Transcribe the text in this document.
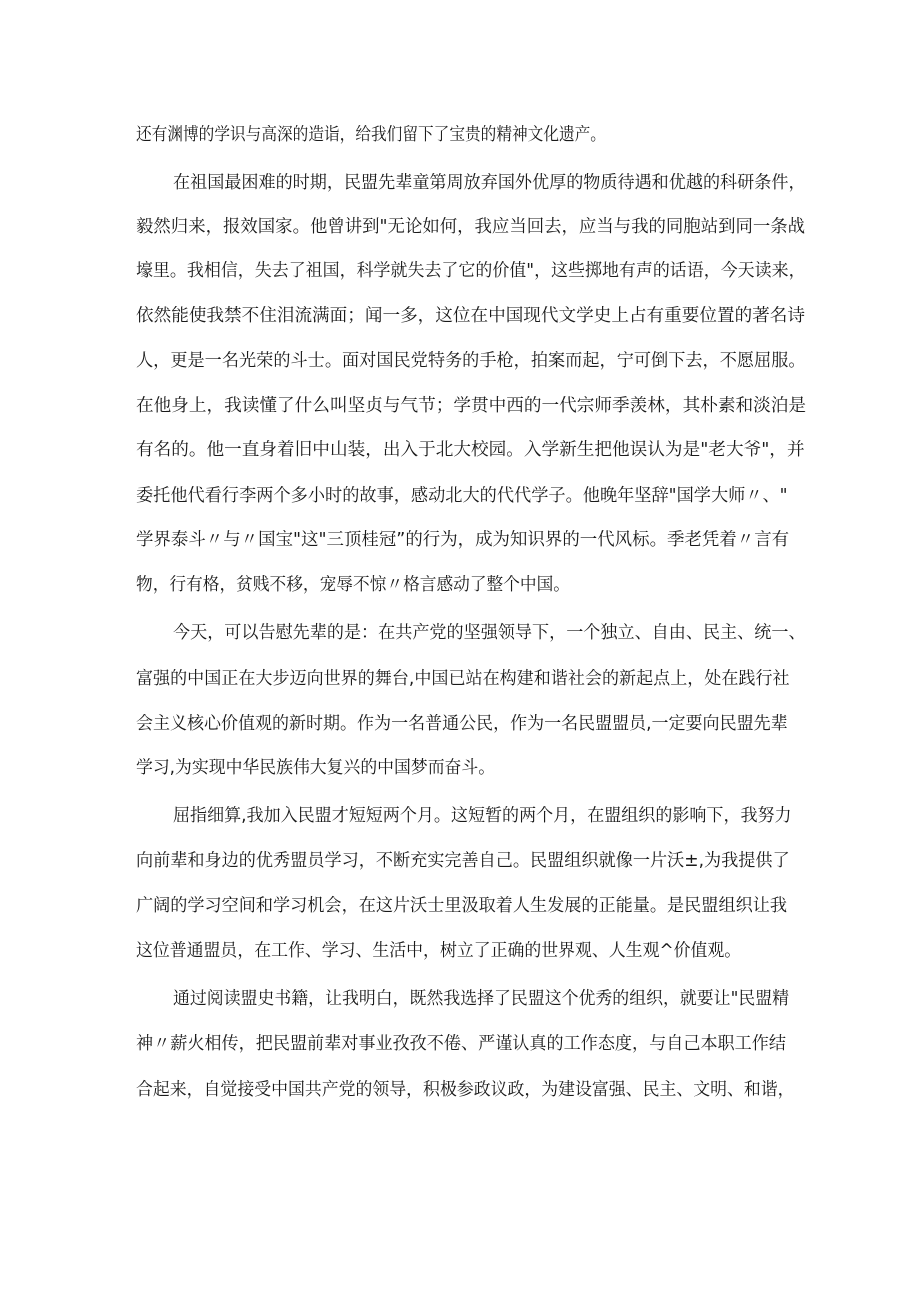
还有渊博的学识与高深的造诣，给我们留下了宝贵的精神文化遗产。
在祖国最困难的时期，民盟先辈童第周放弃国外优厚的物质待遇和优越的科研条件，
毅然归来，报效国家。他曾讲到"无论如何，我应当回去，应当与我的同胞站到同一条战
壕里。我相信，失去了祖国，科学就失去了它的价值"，这些掷地有声的话语，今天读来，
依然能使我禁不住泪流满面；闻一多，这位在中国现代文学史上占有重要位置的著名诗
人，更是一名光荣的斗士。面对国民党特务的手枪，拍案而起，宁可倒下去，不愿屈服。
在他身上，我读懂了什么叫坚贞与气节；学贯中西的一代宗师季羡林，其朴素和淡泊是
有名的。他一直身着旧中山装，出入于北大校园。入学新生把他误认为是"老大爷"，并
委托他代看行李两个多小时的故事，感动北大的代代学子。他晚年坚辞"国学大师〃、"
学界泰斗〃与〃国宝"这"三顶桂冠”的行为，成为知识界的一代风标。季老凭着〃言有
物，行有格，贫贱不移，宠辱不惊〃格言感动了整个中国。
今天，可以告慰先辈的是：在共产党的坚强领导下，一个独立、自由、民主、统一、
富强的中国正在大步迈向世界的舞台,中国已站在构建和谐社会的新起点上，处在践行社
会主义核心价值观的新时期。作为一名普通公民，作为一名民盟盟员,一定要向民盟先辈
学习,为实现中华民族伟大复兴的中国梦而奋斗。
屈指细算,我加入民盟才短短两个月。这短暂的两个月，在盟组织的影响下，我努力
向前辈和身边的优秀盟员学习，不断充实完善自己。民盟组织就像一片沃±,为我提供了
广阔的学习空间和学习机会，在这片沃士里汲取着人生发展的正能量。是民盟组织让我
这位普通盟员，在工作、学习、生活中，树立了正确的世界观、人生观^价值观。
通过阅读盟史书籍，让我明白，既然我选择了民盟这个优秀的组织，就要让"民盟精
神〃薪火相传，把民盟前辈对事业孜孜不倦、严谨认真的工作态度，与自己本职工作结
合起来，自觉接受中国共产党的领导，积极参政议政，为建设富强、民主、文明、和谐，
